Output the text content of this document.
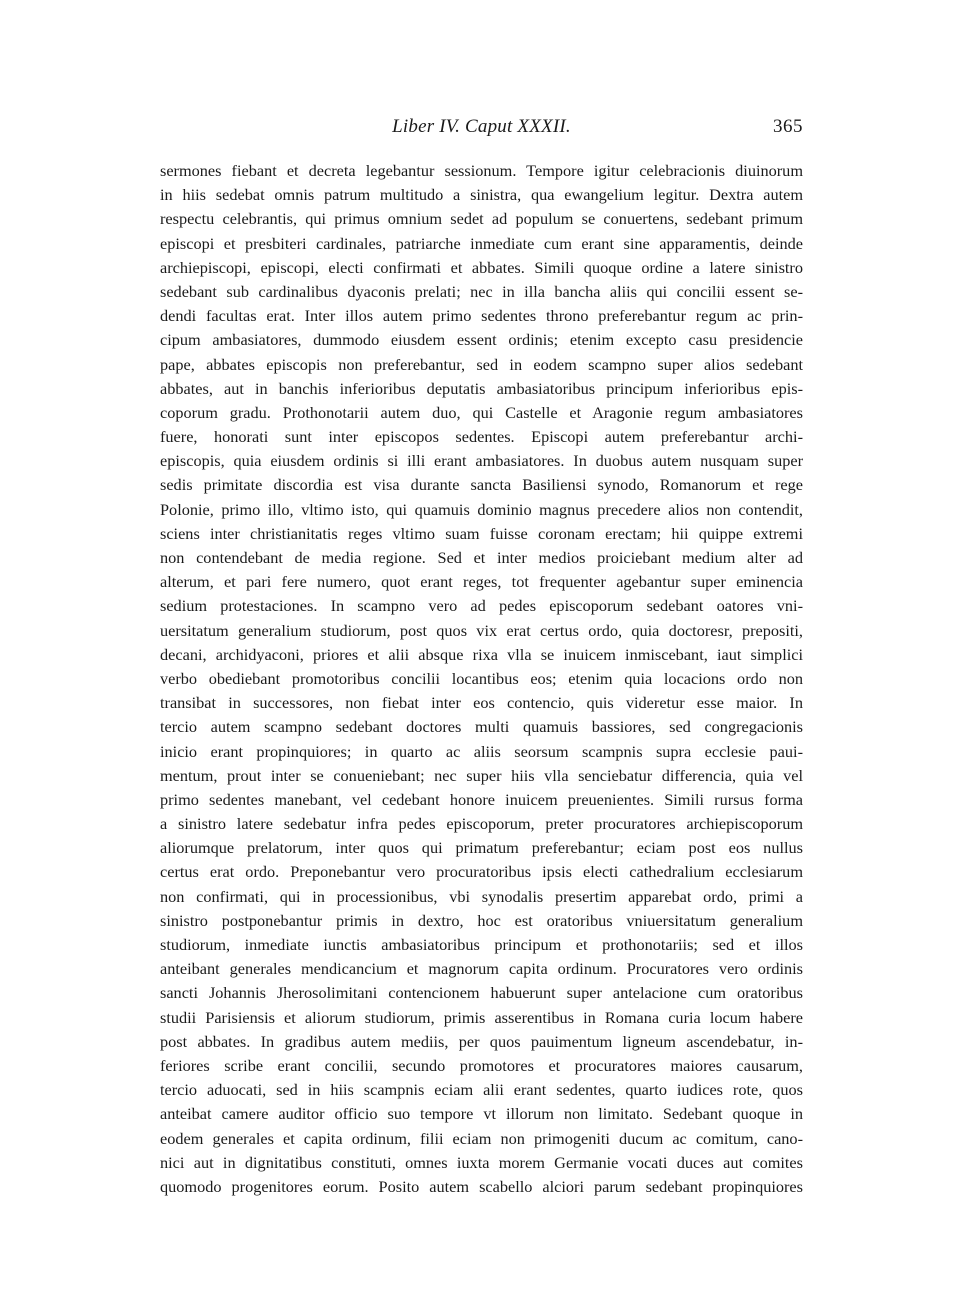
Liber IV. Caput XXXII.	365
sermones fiebant et decreta legebantur sessionum. Tempore igitur celebracionis diuinorum
in hiis sedebat omnis patrum multitudo a sinistra, qua ewangelium legitur. Dextra autem
respectu celebrantis, qui primus omnium sedet ad populum se conuertens, sedebant primum
episcopi et presbiteri cardinales, patriarche inmediate cum erant sine apparamentis, deinde
archiepiscopi, episcopi, electi confirmati et abbates. Simili quoque ordine a latere sinistro
sedebant sub cardinalibus dyaconis prelati; nec in illa bancha aliis qui concilii essent se-
dendi facultas erat. Inter illos autem primo sedentes throno preferebantur regum ac prin-
cipum ambasiatores, dummodo eiusdem essent ordinis; etenim excepto casu presidencie
pape, abbates episcopis non preferebantur, sed in eodem scampno super alios sedebant
abbates, aut in banchis inferioribus deputatis ambasiatoribus principum inferioribus epis-
coporum gradu. Prothonotarii autem duo, qui Castelle et Aragonie regum ambasiatores
fuere, honorati sunt inter episcopos sedentes. Episcopi autem preferebantur archi-
episcopis, quia eiusdem ordinis si illi erant ambasiatores. In duobus autem nusquam super
sedis primitate discordia est visa durante sancta Basiliensi synodo, Romanorum et rege
Polonie, primo illo, vltimo isto, qui quamuis dominio magnus precedere alios non contendit,
sciens inter christianitatis reges vltimo suam fuisse coronam erectam; hii quippe extremi
non contendebant de media regione. Sed et inter medios proiciebant medium alter ad
alterum, et pari fere numero, quot erant reges, tot frequenter agebantur super eminencia
sedium protestaciones. In scampno vero ad pedes episcoporum sedebant oatores vni-
uersitatum generalium studiorum, post quos vix erat certus ordo, quia doctoresr, prepositi,
decani, archidyaconi, priores et alii absque rixa vlla se inuicem inmiscebant, iaut simplici
verbo obediebant promotoribus concilii locantibus eos; etenim quia locacions ordo non
transibat in successores, non fiebat inter eos contencio, quis videretur esse maior. In
tercio autem scampno sedebant doctores multi quamuis bassiores, sed congregacionis
inicio erant propinquiores; in quarto ac aliis seorsum scampnis supra ecclesie paui-
mentum, prout inter se conueniebant; nec super hiis vlla senciebatur differencia, quia vel
primo sedentes manebant, vel cedebant honore inuicem preuenientes. Simili rursus forma
a sinistro latere sedebatur infra pedes episcoporum, preter procuratores archiepiscoporum
aliorumque prelatorum, inter quos qui primatum preferebantur; eciam post eos nullus
certus erat ordo. Preponebantur vero procuratoribus ipsis electi cathedralium ecclesiarum
non confirmati, qui in processionibus, vbi synodalis presertim apparebat ordo, primi a
sinistro postponebantur primis in dextro, hoc est oratoribus vniuersitatum generalium
studiorum, inmediate iunctis ambasiatoribus principum et prothonotariis; sed et illos
anteibant generales mendicancium et magnorum capita ordinum. Procuratores vero ordinis
sancti Johannis Jherosolimitani contencionem habuerunt super antelacione cum oratoribus
studii Parisiensis et aliorum studiorum, primis asserentibus in Romana curia locum habere
post abbates. In gradibus autem mediis, per quos pauimentum ligneum ascendebatur, in-
feriores scribe erant concilii, secundo promotores et procuratores maiores causarum,
tercio aduocati, sed in hiis scampnis eciam alii erant sedentes, quarto iudices rote, quos
anteibat camere auditor officio suo tempore vt illorum non limitato. Sedebant quoque in
eodem generales et capita ordinum, filii eciam non primogeniti ducum ac comitum, cano-
nici aut in dignitatibus constituti, omnes iuxta morem Germanie vocati duces aut comites
quomodo progenitores eorum. Posito autem scabello alciori parum sedebant propinquiores
